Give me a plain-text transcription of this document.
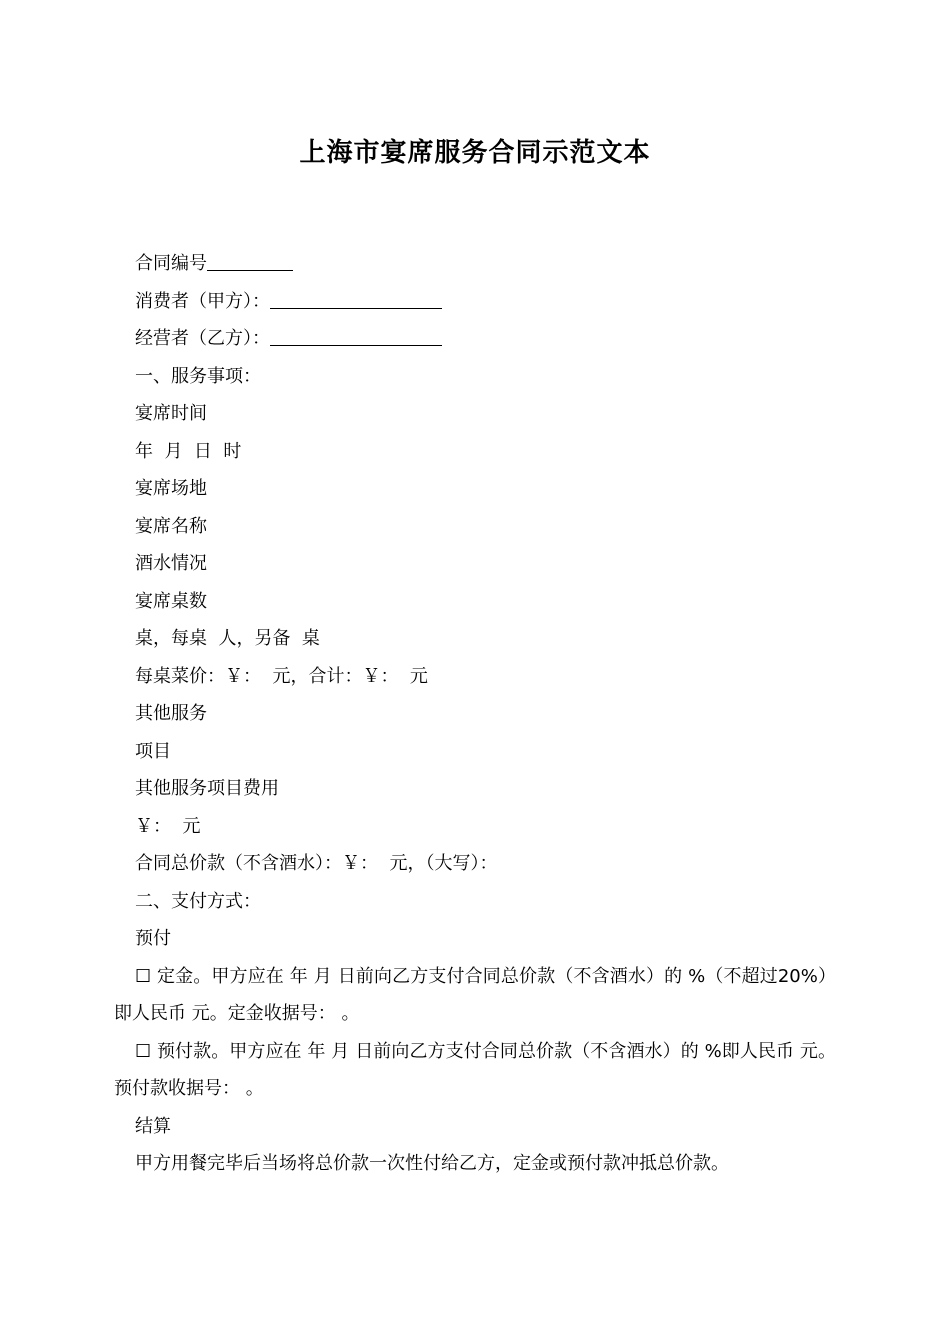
上海市宴席服务合同示范文本

合同编号

消费者（甲方）：

经营者（乙方）：

一、服务事项：

宴席时间

年  月  日  时

宴席场地

宴席名称

酒水情况

宴席桌数

桌，每桌  人，另备  桌

每桌菜价：￥：  元，合计：￥：  元

其他服务

项目

其他服务项目费用

￥：  元

合同总价款（不含酒水）：￥：  元，（大写）：

二、支付方式：

预付

☐ 定金。甲方应在 年 月 日前向乙方支付合同总价款（不含酒水）的 %（不超过20%）即人民币 元。定金收据号： 。

☐ 预付款。甲方应在 年 月 日前向乙方支付合同总价款（不含酒水）的 %即人民币 元。 预付款收据号： 。

结算

甲方用餐完毕后当场将总价款一次性付给乙方，定金或预付款冲抵总价款。
